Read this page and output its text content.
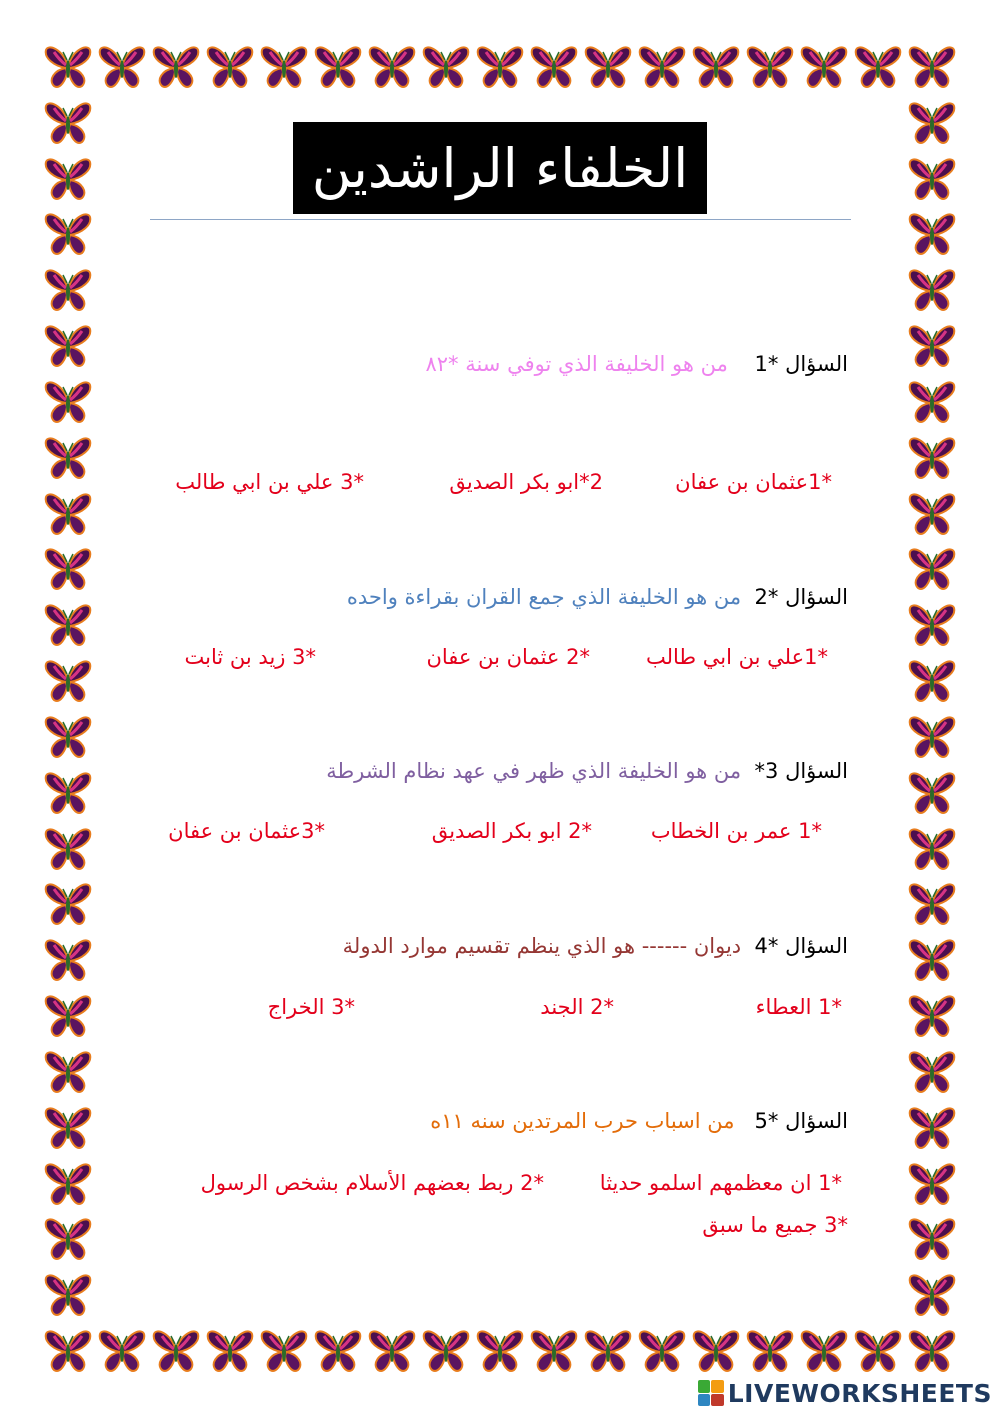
الخلفاء الراشدين
السؤال *1    من هو الخليفة الذي توفي سنة *٨٢
*1عثمان بن عفان
2*ابو بكر الصديق
*3 علي بن ابي طالب
السؤال *2  من هو الخليفة الذي جمع القران بقراءة واحده
*1علي بن ابي طالب
*2 عثمان بن عفان
*3 زيد بن ثابت
السؤال 3*  من هو الخليفة الذي ظهر في عهد نظام الشرطة
*1 عمر بن الخطاب
*2 ابو بكر الصديق
*3عثمان بن عفان
السؤال *4  ديوان ------ هو الذي ينظم تقسيم موارد الدولة
*1 العطاء
*2 الجند
*3 الخراج
السؤال *5   من اسباب حرب المرتدين سنه ١١ه
*1 ان معظمهم اسلمو حديثا
*2 ربط بعضهم الأسلام بشخص الرسول
*3 جميع ما سبق
LIVEWORKSHEETS
